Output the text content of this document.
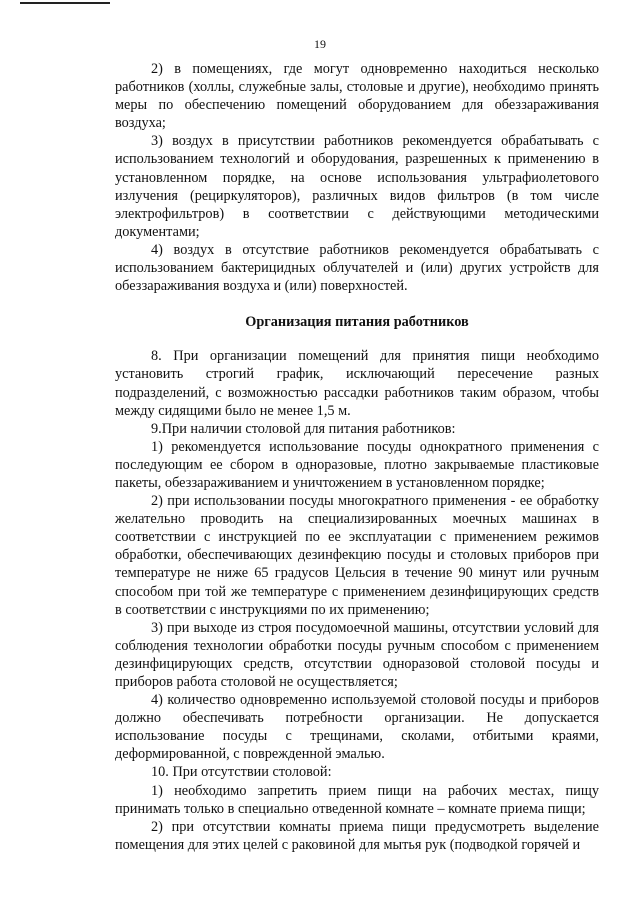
19

2) в помещениях, где могут одновременно находиться несколько работников (холлы, служебные залы, столовые и другие), необходимо принять меры по обеспечению помещений оборудованием для обеззараживания воздуха;

3) воздух в присутствии работников рекомендуется обрабатывать с использованием технологий и оборудования, разрешенных к применению в установленном порядке, на основе использования ультрафиолетового излучения (рециркуляторов), различных видов фильтров (в том числе электрофильтров) в соответствии с действующими методическими документами;

4) воздух в отсутствие работников рекомендуется обрабатывать с использованием бактерицидных облучателей и (или) других устройств для обеззараживания воздуха и (или) поверхностей.

Организация питания работников

8. При организации помещений для принятия пищи необходимо установить строгий график, исключающий пересечение разных подразделений, с возможностью рассадки работников таким образом, чтобы между сидящими было не менее 1,5 м.

9.При наличии столовой для питания работников:

1) рекомендуется использование посуды однократного применения с последующим ее сбором в одноразовые, плотно закрываемые пластиковые пакеты, обеззараживанием и уничтожением в установленном порядке;

2) при использовании посуды многократного применения - ее обработку желательно проводить на специализированных моечных машинах в соответствии с инструкцией по ее эксплуатации с применением режимов обработки, обеспечивающих дезинфекцию посуды и столовых приборов при температуре не ниже 65 градусов Цельсия в течение 90 минут или ручным способом при той же температуре с применением дезинфицирующих средств в соответствии с инструкциями по их применению;

3) при выходе из строя посудомоечной машины, отсутствии условий для соблюдения технологии обработки посуды ручным способом с применением дезинфицирующих средств, отсутствии одноразовой столовой посуды и приборов работа столовой не осуществляется;

4) количество одновременно используемой столовой посуды и приборов должно обеспечивать потребности организации. Не допускается использование посуды с трещинами, сколами, отбитыми краями, деформированной, с поврежденной эмалью.

10. При отсутствии столовой:

1) необходимо запретить прием пищи на рабочих местах, пищу принимать только в специально отведенной комнате – комнате приема пищи;

2) при отсутствии комнаты приема пищи предусмотреть выделение помещения для этих целей с раковиной для мытья рук (подводкой горячей и
